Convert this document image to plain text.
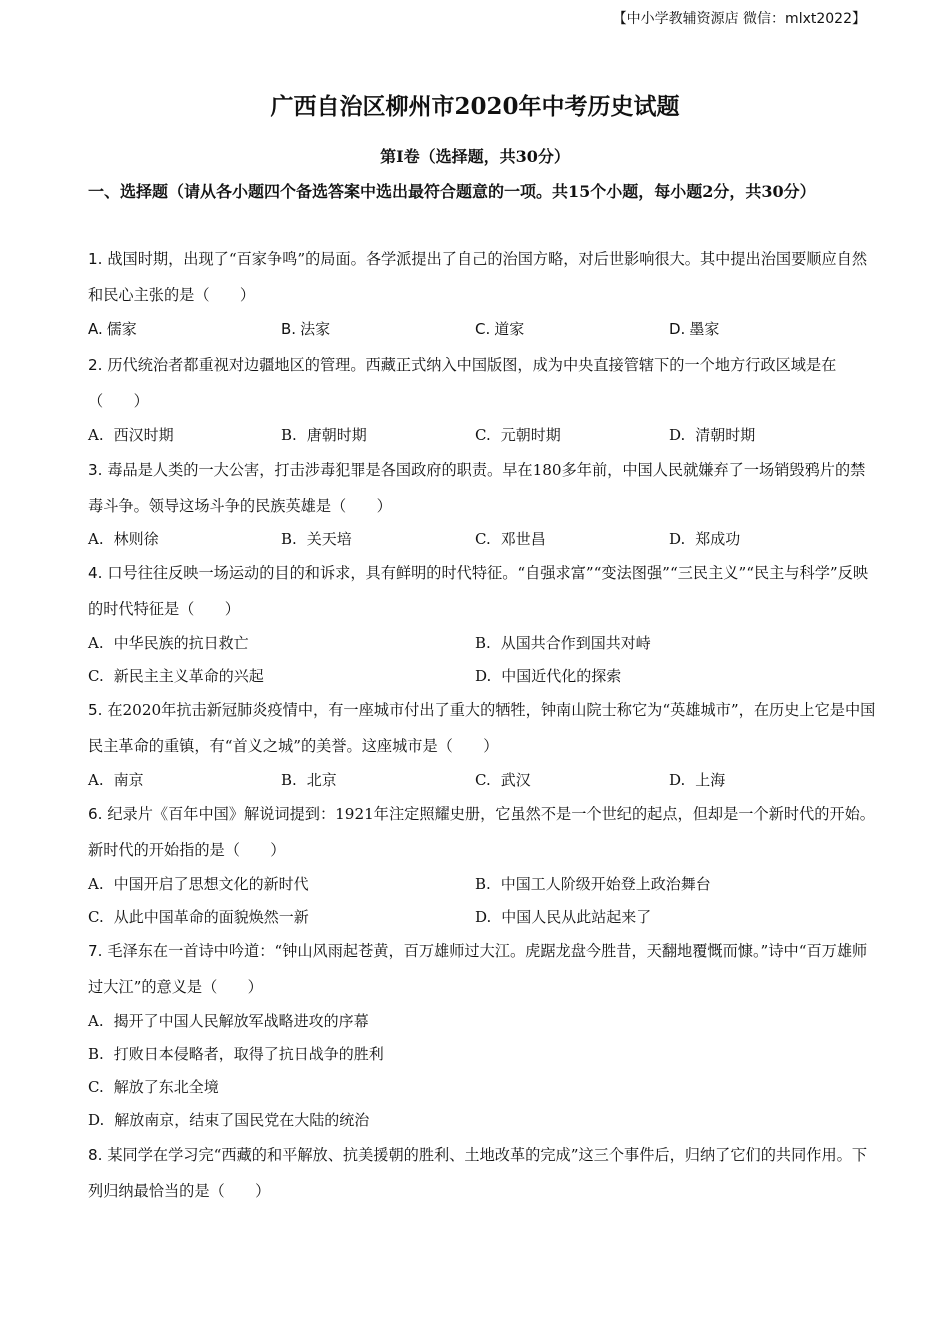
【中小学教辅资源店 微信：mlxt2022】
广西自治区柳州市2020年中考历史试题
第Ⅰ卷（选择题，共30分）
一、选择题（请从各小题四个备选答案中选出最符合题意的一项。共15个小题，每小题2分，共30分）
1. 战国时期，出现了“百家争鸣”的局面。各学派提出了自己的治国方略，对后世影响很大。其中提出治国要顺应自然和民心主张的是（　　）
A. 儒家	B. 法家	C. 道家	D. 墨家
2. 历代统治者都重视对边疆地区的管理。西藏正式纳入中国版图，成为中央直接管辖下的一个地方行政区域是在（　　）
A. 西汉时期	B. 唐朝时期	C. 元朝时期	D. 清朝时期
3. 毒品是人类的一大公害，打击涉毒犯罪是各国政府的职责。早在180多年前，中国人民就嫌弃了一场销毁鸦片的禁毒斗争。领导这场斗争的民族英雄是（　　）
A. 林则徐	B. 关天培	C. 邓世昌	D. 郑成功
4. 口号往往反映一场运动的目的和诉求，具有鲜明的时代特征。“自强求富”“变法图强”“三民主义”“民主与科学”反映的时代特征是（　　）
A. 中华民族的抗日救亡	B. 从国共合作到国共对峙
C. 新民主主义革命的兴起	D. 中国近代化的探索
5. 在2020年抗击新冠肺炎疫情中，有一座城市付出了重大的牺牲，钟南山院士称它为“英雄城市”，在历史上它是中国民主革命的重镇，有“首义之城”的美誉。这座城市是（　　）
A. 南京	B. 北京	C. 武汉	D. 上海
6. 纪录片《百年中国》解说词提到：1921年注定照耀史册，它虽然不是一个世纪的起点，但却是一个新时代的开始。新时代的开始指的是（　　）
A. 中国开启了思想文化的新时代	B. 中国工人阶级开始登上政治舞台
C. 从此中国革命的面貌焕然一新	D. 中国人民从此站起来了
7. 毛泽东在一首诗中吟道：“钟山风雨起苍黄，百万雄师过大江。虎踞龙盘今胜昔，天翻地覆慨而慷。”诗中“百万雄师过大江”的意义是（　　）
A. 揭开了中国人民解放军战略进攻的序幕
B. 打败日本侵略者，取得了抗日战争的胜利
C. 解放了东北全境
D. 解放南京，结束了国民党在大陆的统治
8. 某同学在学习完“西藏的和平解放、抗美援朝的胜利、土地改革的完成”这三个事件后，归纳了它们的共同作用。下列归纳最恰当的是（　　）
